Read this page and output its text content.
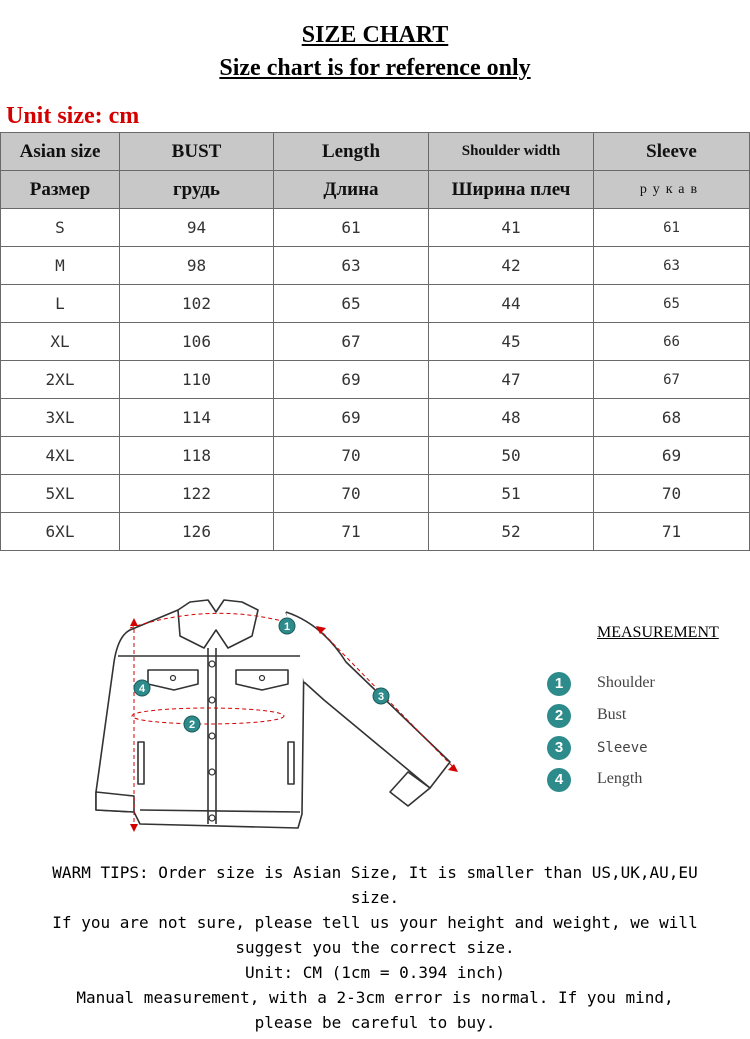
SIZE CHART
Size chart is for reference only
Unit size: cm
Asian size	BUST	Length	Shoulder width	Sleeve
Размер	грудь	Длина	Ширина плеч	рукав
S	94	61	41	61
M	98	63	42	63
L	102	65	44	65
XL	106	67	45	66
2XL	110	69	47	67
3XL	114	69	48	68
4XL	118	70	50	69
5XL	122	70	51	70
6XL	126	71	52	71
1
2
3
4
MEASUREMENT
1	Shoulder
2	Bust
3	Sleeve
4	Length

WARM TIPS: Order size is Asian Size, It is smaller than US,UK,AU,EU

size.

If you are not sure, please tell us your height and weight, we will

suggest you the correct size.

Unit: CM (1cm = 0.394 inch)

Manual measurement, with a 2-3cm error is normal. If you mind,

please be careful to buy.
